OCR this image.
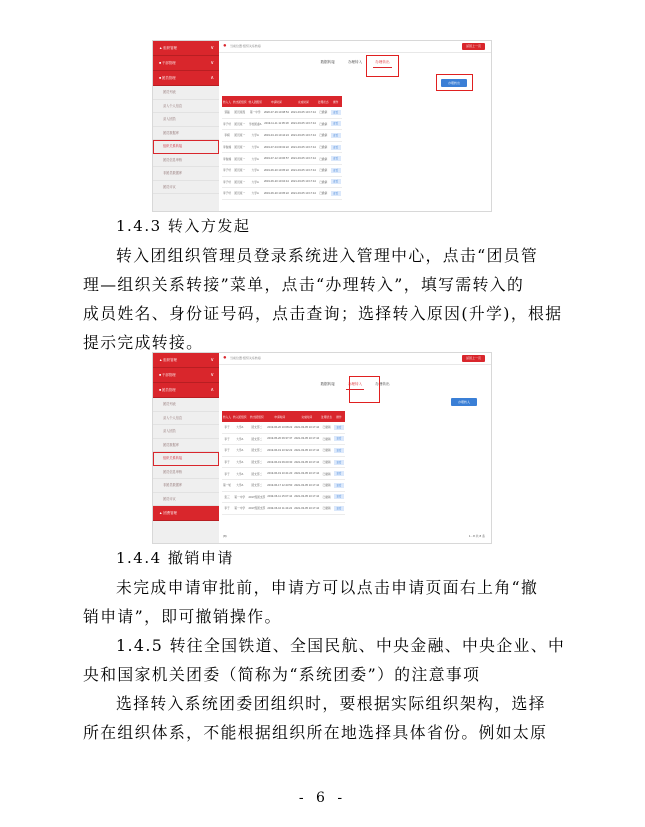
▲ 组织管理	∨
■ 干部管理	∨
■ 团员管理	∧
团员列表
录入个人信息
录入团员
团员数据库
组织关系转接
团员信息审核
非团员数据库
团员评议
●	当前位置:组织关系转接	返回上一页
数据转接	办理转入	办理转出
办理转出
转入人	转出团组织	转入团组织	申请时间	完成时间	处理状态	操作
蔡磊	团员班级	第一中学	2020-07-29 10:08:54	2021-03-05 10:17:44	已撤销	查看
李子轩	团员班一	学校团委A	2019-11-11 11:05:18	2021-03-05 10:17:44	已撤销	查看
李棋	团员班一	大学A	2019-04-19 10:44:24	2021-03-05 10:17:44	已撤销	查看
李俊楠	团员班一	大学A	2019-07-04 09:32:22	2021-03-05 10:17:44	已撤销	查看
李俊楠	团员班一	大学A	2019-07-12 10:06:57	2021-03-05 10:17:44	已撤销	查看
李子轩	团员班一	大学A	2019-06-20 10:05:22	2021-03-05 10:17:44	已撤销	查看
李子轩	团员班一	大学A	2019-06-20 10:04:44	2021-03-05 10:17:44	已撤销	查看
李子轩	团员班一	大学A	2019-06-20 10:05:22	2021-03-05 10:17:44	已撤销	查看
1.4.3 转入方发起
转入团组织管理员登录系统进入管理中心，点击“团员管
理—组织关系转接”菜单，点击“办理转入”，填写需转入的
成员姓名、身份证号码，点击查询；选择转入原因(升学)，根据
提示完成转接。
▲ 组织管理	∨
■ 干部管理	∨
■ 团员管理	∧
团员列表
录入个人信息
录入团员
团员数据库
组织关系转接
团员信息审核
非团员数据库
团员评议
▲ 团费管理
●	当前位置:组织关系转接	返回上一页
数据转接	办理转入	办理转出
办理转入
转入人	转入团组织	转出团组织	申请时间	完成时间	处理状态	操作
李子	大学A	团支部二	2019-06-20 10:08:22	2021-03-05 10:17:44	已撤销	查看
李子	大学A	团支部二	2019-05-20 09:37:37	2021-03-05 10:17:44	已撤销	查看
李子	大学A	团支部二	2019-06-19 10:32:22	2021-03-05 10:17:44	已撤销	查看
李子	大学A	团支部二	2019-06-19 09:20:30	2021-03-05 10:17:44	已撤销	查看
李子	大学A	团支部二	2019-06-19 10:41:20	2021-03-05 10:17:44	已撤销	查看
第一轮	大学A	团支部二	2019-06-17 12:43:50	2021-03-05 10:17:44	已撤销	查看
张三	第一中学	2017级团支部	2019-06-11 15:07:44	2021-03-05 10:17:44	已撤销	查看
李子	第一中学	2017级团支部	2019-06-10 11:44:22	2021-03-05 10:17:44	已撤销	查看
(8)	1 - 8 共 8 条
1.4.4 撤销申请
未完成申请审批前，申请方可以点击申请页面右上角“撤
销申请”，即可撤销操作。
1.4.5 转往全国铁道、全国民航、中央金融、中央企业、中
央和国家机关团委（简称为“系统团委”）的注意事项
选择转入系统团委团组织时，要根据实际组织架构，选择
所在组织体系，不能根据组织所在地选择具体省份。例如太原
- 6 -
